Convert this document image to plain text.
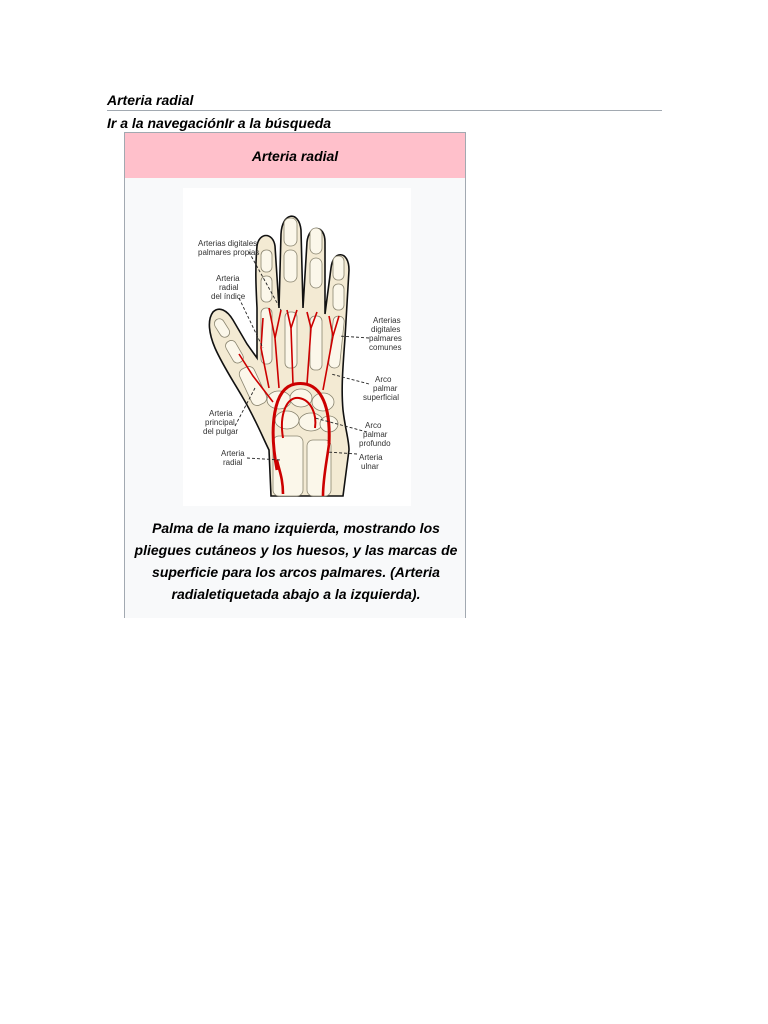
Arteria radial
Ir a la navegaciónIr a la búsqueda
Arteria radial
Arterias digitales
palmares propias
Arteria
radial
del índice
Arterias
digitales
palmares
comunes
Arco
palmar
superficial
Arteria
principal
del pulgar
Arco
palmar
profundo
Arteria
radial
Arteria
ulnar
Palma de la mano izquierda, mostrando los pliegues cutáneos y los huesos, y las marcas de superficie para los arcos palmares. (Arteria radialetiquetada abajo a la izquierda).
